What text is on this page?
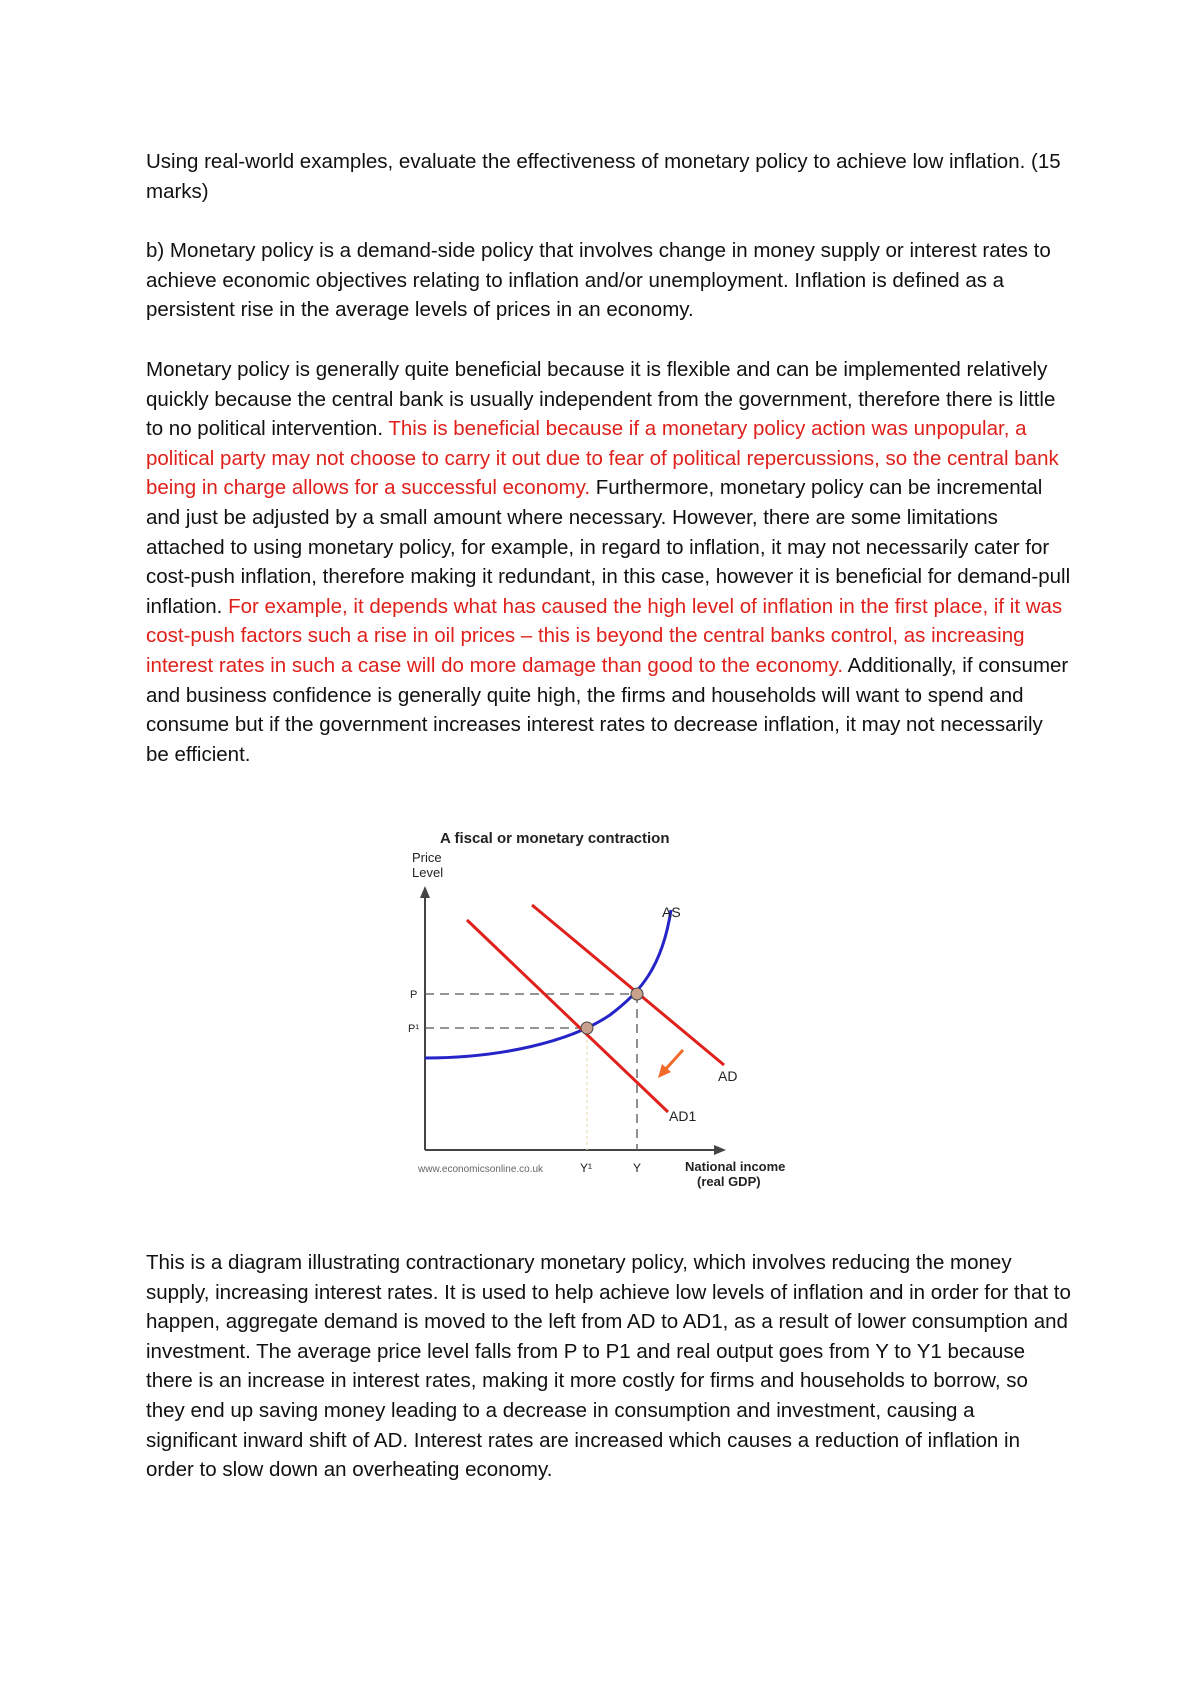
Using real-world examples, evaluate the effectiveness of monetary policy to achieve low inflation. (15 marks)

b) Monetary policy is a demand-side policy that involves change in money supply or interest rates to achieve economic objectives relating to inflation and/or unemployment. Inflation is defined as a persistent rise in the average levels of prices in an economy.

Monetary policy is generally quite beneficial because it is flexible and can be implemented relatively quickly because the central bank is usually independent from the government, therefore there is little to no political intervention. This is beneficial because if a monetary policy action was unpopular, a political party may not choose to carry it out due to fear of political repercussions, so the central bank being in charge allows for a successful economy. Furthermore, monetary policy can be incremental and just be adjusted by a small amount where necessary. However, there are some limitations attached to using monetary policy, for example, in regard to inflation, it may not necessarily cater for cost-push inflation, therefore making it redundant, in this case, however it is beneficial for demand-pull inflation. For example, it depends what has caused the high level of inflation in the first place, if it was cost-push factors such a rise in oil prices – this is beyond the central banks control, as increasing interest rates in such a case will do more damage than good to the economy. Additionally, if consumer and business confidence is generally quite high, the firms and households will want to spend and consume but if the government increases interest rates to decrease inflation, it may not necessarily be efficient.

A fiscal or monetary contraction
Price
Level
AS
AD
AD1
P
P¹
Y
Y¹
www.economicsonline.co.uk	National income
(real GDP)

This is a diagram illustrating contractionary monetary policy, which involves reducing the money supply, increasing interest rates. It is used to help achieve low levels of inflation and in order for that to happen, aggregate demand is moved to the left from AD to AD1, as a result of lower consumption and investment. The average price level falls from P to P1 and real output goes from Y to Y1 because there is an increase in interest rates, making it more costly for firms and households to borrow, so they end up saving money leading to a decrease in consumption and investment, causing a significant inward shift of AD. Interest rates are increased which causes a reduction of inflation in order to slow down an overheating economy.
